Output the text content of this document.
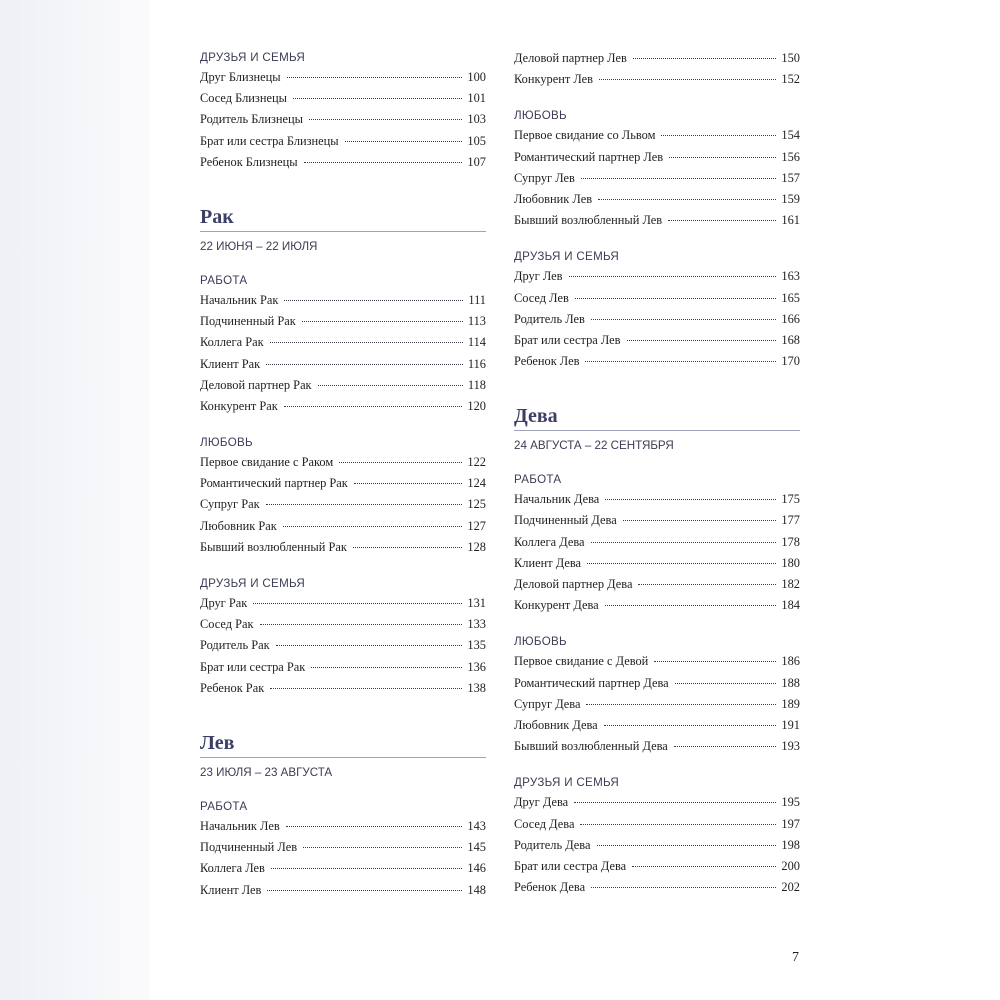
ДРУЗЬЯ И СЕМЬЯ
Друг Близнецы	100
Сосед Близнецы	101
Родитель Близнецы	103
Брат или сестра Близнецы	105
Ребенок Близнецы	107
Рак
22 ИЮНЯ – 22 ИЮЛЯ
РАБОТА
Начальник Рак	111
Подчиненный Рак	113
Коллега Рак	114
Клиент Рак	116
Деловой партнер Рак	118
Конкурент Рак	120
ЛЮБОВЬ
Первое свидание с Раком	122
Романтический партнер Рак	124
Супруг Рак	125
Любовник Рак	127
Бывший возлюбленный Рак	128
ДРУЗЬЯ И СЕМЬЯ
Друг Рак	131
Сосед Рак	133
Родитель Рак	135
Брат или сестра Рак	136
Ребенок Рак	138
Лев
23 ИЮЛЯ – 23 АВГУСТА
РАБОТА
Начальник Лев	143
Подчиненный Лев	145
Коллега Лев	146
Клиент Лев	148
Деловой партнер Лев	150
Конкурент Лев	152
ЛЮБОВЬ
Первое свидание со Львом	154
Романтический партнер Лев	156
Супруг Лев	157
Любовник Лев	159
Бывший возлюбленный Лев	161
ДРУЗЬЯ И СЕМЬЯ
Друг Лев	163
Сосед Лев	165
Родитель Лев	166
Брат или сестра Лев	168
Ребенок Лев	170
Дева
24 АВГУСТА – 22 СЕНТЯБРЯ
РАБОТА
Начальник Дева	175
Подчиненный Дева	177
Коллега Дева	178
Клиент Дева	180
Деловой партнер Дева	182
Конкурент Дева	184
ЛЮБОВЬ
Первое свидание с Девой	186
Романтический партнер Дева	188
Супруг Дева	189
Любовник Дева	191
Бывший возлюбленный Дева	193
ДРУЗЬЯ И СЕМЬЯ
Друг Дева	195
Сосед Дева	197
Родитель Дева	198
Брат или сестра Дева	200
Ребенок Дева	202
7
